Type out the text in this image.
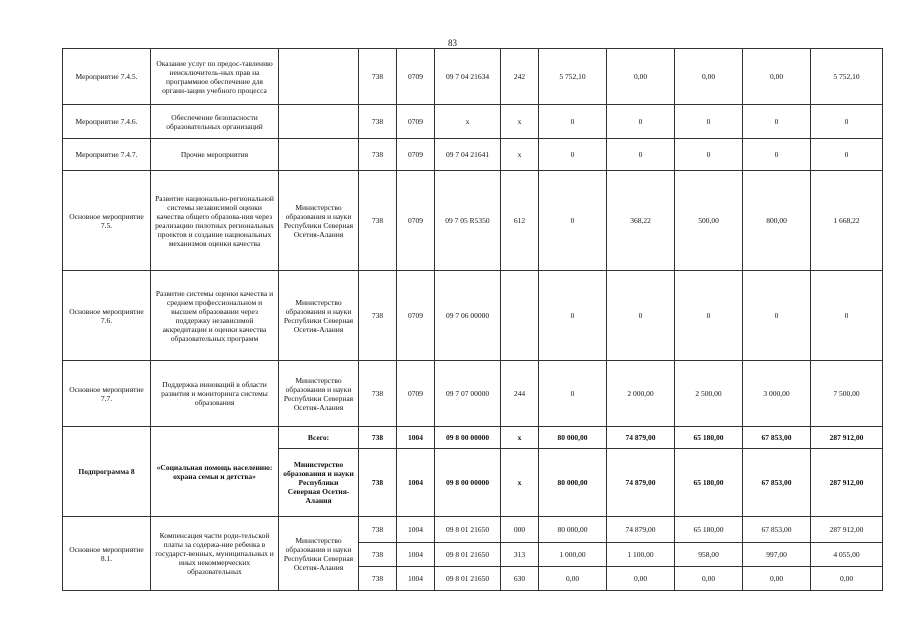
83
Мероприятие 7.4.5.	Оказание услуг по предос-тавлению неисключитель-ных прав на программное обеспечение для органи-зации учебного процесса		738	0709	09 7 04 21634	242	5 752,10	0,00	0,00	0,00	5 752,10
Мероприятие 7.4.6.	Обеспечение безопасности образовательных организаций		738	0709	x	x	0	0	0	0	0
Мероприятие 7.4.7.	Прочие мероприятия		738	0709	09 7 04 21641	x	0	0	0	0	0
Основное мероприятие 7.5.	Развитие национально-региональной системы независимой оценки качества общего образова-ния через реализацию пилотных региональных проектов и создание национальных механизмов оценки качества	Министерство образования и науки Республики Северная Осетия-Алания	738	0709	09 7 05 R5350	612	0	368,22	500,00	800,00	1 668,22
Основное мероприятие 7.6.	Развитие системы оценки качества и среднем профессиональном и высшем образовании через поддержку независимой аккредитации и оценки качества образовательных программ	Министерство образования и науки Республики Северная Осетия-Алания	738	0709	09 7 06 00000		0	0	0	0	0
Основное мероприятие 7.7.	Поддержка инноваций в области развития и мониторинга системы образования	Министерство образования и науки Республики Северная Осетия-Алания	738	0709	09 7 07 00000	244	0	2 000,00	2 500,00	3 000,00	7 500,00
Подпрограмма 8	«Социальная помощь населению: охрана семьи и детства»	Всего:	738	1004	09 8 00 00000	x	80 000,00	74 879,00	65 180,00	67 853,00	287 912,00
		Министерство образования и науки Республики Северная Осетия-Алания	738	1004	09 8 00 00000	x	80 000,00	74 879,00	65 180,00	67 853,00	287 912,00
Основное мероприятие 8.1.	Компенсация части роди-тельской платы за содержа-ние ребенка в государст-венных, муниципальных и иных некоммерческих образовательных	Министерство образования и науки Республики Северная Осетия-Алания	738	1004	09 8 01 21650	000	80 000,00	74 879,00	65 180,00	67 853,00	287 912,00
			738	1004	09 8 01 21650	313	1 000,00	1 100,00	958,00	997,00	4 055,00
			738	1004	09 8 01 21650	630	0,00	0,00	0,00	0,00	0,00
